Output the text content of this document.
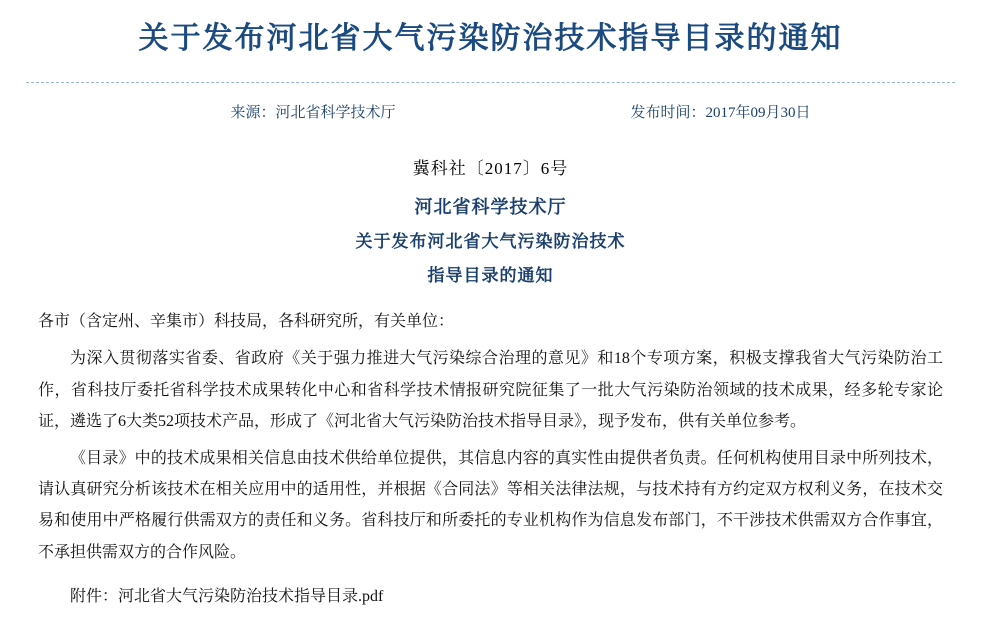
关于发布河北省大气污染防治技术指导目录的通知
来源：河北省科学技术厅	发布时间：2017年09月30日
冀科社〔2017〕6号
河北省科学技术厅
关于发布河北省大气污染防治技术
指导目录的通知
各市（含定州、辛集市）科技局，各科研究所，有关单位：
为深入贯彻落实省委、省政府《关于强力推进大气污染综合治理的意见》和18个专项方案，积极支撑我省大气污染防治工作，省科技厅委托省科学技术成果转化中心和省科学技术情报研究院征集了一批大气污染防治领域的技术成果，经多轮专家论证，遴选了6大类52项技术产品，形成了《河北省大气污染防治技术指导目录》，现予发布，供有关单位参考。
《目录》中的技术成果相关信息由技术供给单位提供，其信息内容的真实性由提供者负责。任何机构使用目录中所列技术，请认真研究分析该技术在相关应用中的适用性，并根据《合同法》等相关法律法规，与技术持有方约定双方权利义务，在技术交易和使用中严格履行供需双方的责任和义务。省科技厅和所委托的专业机构作为信息发布部门，不干涉技术供需双方合作事宜，不承担供需双方的合作风险。
附件：河北省大气污染防治技术指导目录.pdf
